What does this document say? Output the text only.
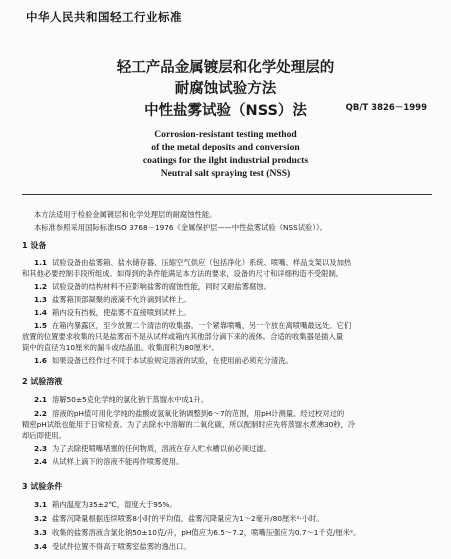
中华人民共和国轻工行业标准
轻工产品金属镀层和化学处理层的
耐腐蚀试验方法
中性盐雾试验（NSS）法	QB/T 3826－1999
Corrosion-resistant testing method
of the metal deposits and conversion
coatings for the ilght industrial products
Neutral salt spraying test (NSS)
本方法适用于检验金属镀层和化学处理层的耐腐蚀性能。
本标准参照采用国际标准ISO 3768－1976《金属保护层——中性盐雾试验（NSS试验）》。
1 设备
1.1 试验设备由盐雾箱、盐水储存器、压缩空气供应（包括净化）系统、喷嘴、样品支架以及加热
和其他必要控制手段所组成。如得到的条件能满足本方法的要求，设备的尺寸和详细构造不受限制。
1.2 试验设备的结构材料不应影响盐雾的腐蚀性能，同时又耐盐雾腐蚀。
1.3 盐雾箱顶部凝聚的液滴不允许滴到试样上。
1.4 箱内设有挡板，使盐雾不直接喷到试样上。
1.5 在箱内暴露区，至少放置二个清洁的收集器。一个紧靠喷嘴，另一个放在离喷嘴最远处。它们
放置的位置要求收集的只是盐雾而不是从试样或箱内其他部分滴下来的液体。合适的收集器是插入量
筒中的直径为10厘米的漏斗或结晶皿。收集面积为80厘米²。
1.6 如果设备已经作过不同于本试验规定溶液的试验，在使用前必须充分清洗。
2 试验溶液
2.1 溶解50±5克化学纯的氯化钠于蒸馏水中成1升。
2.2 溶液的pH值可用化学纯的盐酸或氢氧化钠调整到6～7的范围，用pH计测量。经过校对过的
精密pH试纸也能用于日常检查。为了去除水中溶解的二氧化碳，所以配制时应先将蒸馏水煮沸30秒，冷
却后即使用。
2.3 为了去除使喷嘴堵塞的任何物质，溶液在存入贮水槽以前必须过滤。
2.4 从试样上滴下的溶液不能再作喷雾使用。
3 试验条件
3.1 箱内温度为35±2℃，湿度大于95%。
3.2 盐雾沉降量根据连续喷雾8小时的平均值，盐雾沉降量应为1～2毫升/80厘米²·小时。
3.3 收集的盐雾溶液含氯化钠50±10克/升，pH值应为6.5～7.2，喷嘴压强应为0.7～1千克/厘米²。
3.4 受试件位置不得高于喷雾室盐雾的逸出口。
